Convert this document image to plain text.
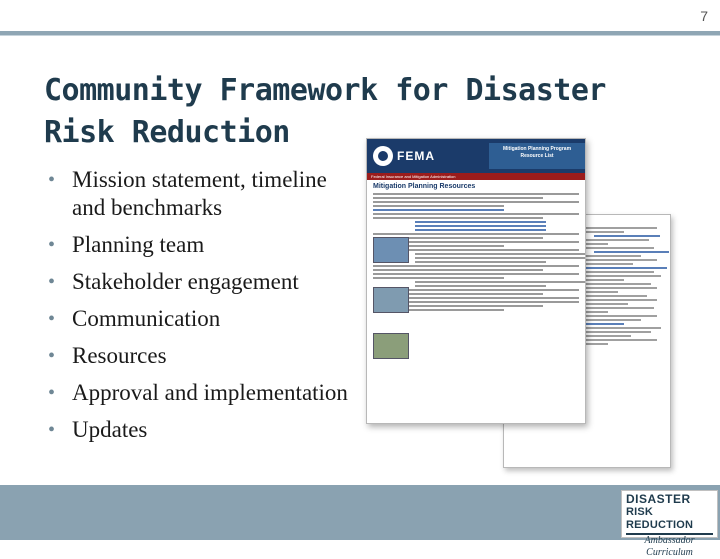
7
Community Framework for Disaster Risk Reduction
• Mission statement, timeline and benchmarks
• Planning team
• Stakeholder engagement
• Communication
• Resources
• Approval and implementation
• Updates
FEMA	Mitigation Planning Program Resource List
Federal Insurance and Mitigation Administration
Mitigation Planning Resources
DISASTER
RISK REDUCTION
Ambassador Curriculum
